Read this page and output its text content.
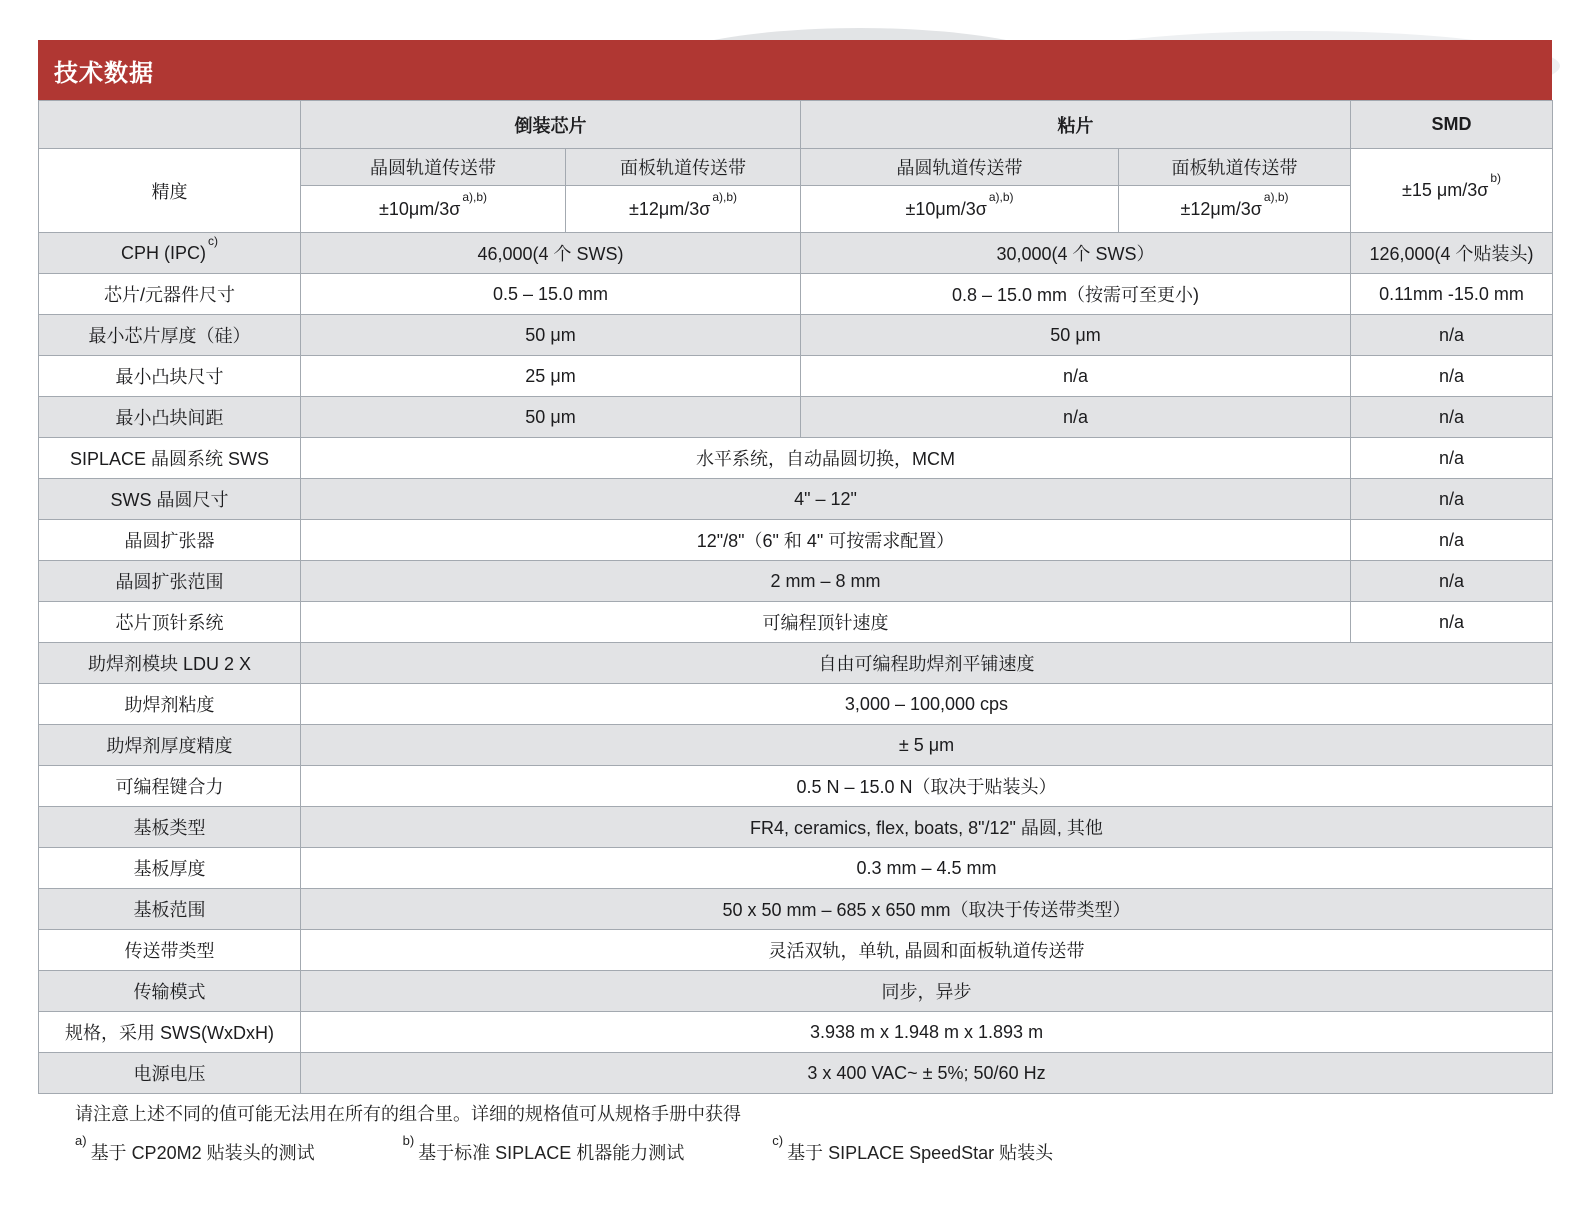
技术数据
	倒装芯片		粘片		SMD
精度	晶圆轨道传送带	面板轨道传送带	晶圆轨道传送带	面板轨道传送带	±15 $\mu m/3\sigma^{b)}$
	$\pm 10\mu m/3\sigma^{a),b)}$	$\pm 12\mu m/3\sigma^{a),b)}$	$\pm 10\mu m/3\sigma^{a),b)}$	$\pm 12\mu m/3\sigma^{a),b)}$
CPH (IPC)$^{c)}$	46,000(4 个 SWS)		30,000(4 个 SWS）		126,000(4 个贴装头)
芯片/元器件尺寸	0.5 – 15.0 mm		0.8 – 15.0 mm（按需可至更小)		0.11mm -15.0 mm
最小芯片厚度（硅）	50 μm		50 μm		n/a
最小凸块尺寸	25 μm		n/a		n/a
最小凸块间距	50 μm		n/a		n/a
SIPLACE 晶圆系统 SWS	水平系统，自动晶圆切换，MCM				n/a
SWS 晶圆尺寸	4" – 12"				n/a
晶圆扩张器	12"/8"（6" 和 4" 可按需求配置）				n/a
晶圆扩张范围	2 mm – 8 mm				n/a
芯片顶针系统	可编程顶针速度				n/a
助焊剂模块 LDU 2 X	自由可编程助焊剂平铺速度				
助焊剂粘度	3,000 – 100,000 cps				
助焊剂厚度精度	± 5 μm				
可编程键合力	0.5 N – 15.0 N（取决于贴装头）				
基板类型	FR4, ceramics, flex, boats, 8"/12" 晶圆, 其他				
基板厚度	0.3 mm – 4.5 mm				
基板范围	50 x 50 mm – 685 x 650 mm（取决于传送带类型）				
传送带类型	灵活双轨，单轨, 晶圆和面板轨道传送带				
传输模式	同步，异步				
规格，采用 SWS(WxDxH)	3.938 m x 1.948 m x 1.893 m				
电源电压	3 x 400 VAC~ ± 5%; 50/60 Hz				
请注意上述不同的值可能无法用在所有的组合里。详细的规格值可从规格手册中获得
$^{a)}$基于 CP20M2 贴装头的测试
$^{b)}$基于标准 SIPLACE 机器能力测试
$^{c)}$基于 SIPLACE SpeedStar 贴装头
